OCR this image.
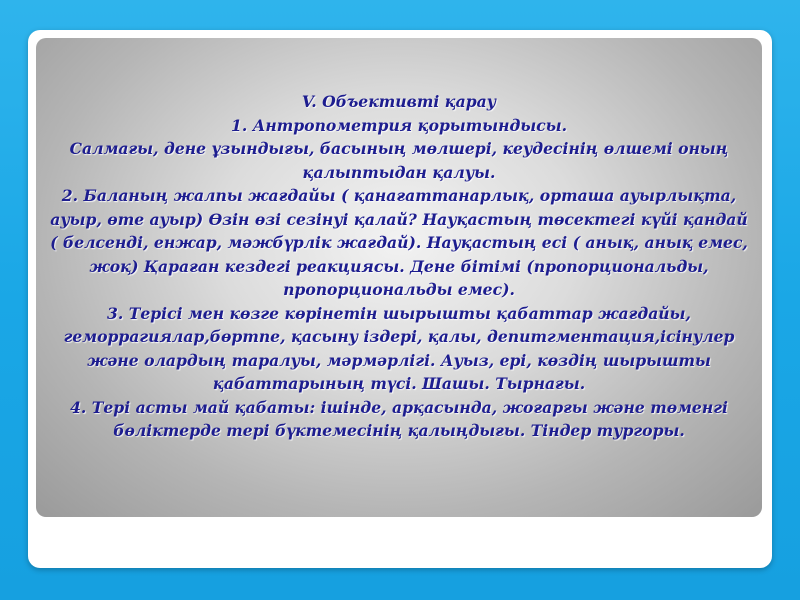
V. Объективті қарау

1. Антропометрия қорытындысы.

Салмағы, дене ұзындығы, басының мөлшері, кеудесінің өлшемі оның қалыптыдан қалуы.

2. Баланың жалпы жағдайы ( қанағаттанарлық, орташа ауырлықта, ауыр, өте ауыр) Өзін өзі сезінуі қалай? Науқастың төсектегі күйі қандай ( белсенді, енжар, мәжбүрлік жағдай). Науқастың есі ( анық, анық емес, жоқ) Қараған кездегі реакциясы. Дене бітімі (пропорциональды, пропорциональды емес).

3. Терісі мен көзге көрінетін шырышты қабаттар жағдайы, геморрагиялар,бөртпе, қасыну іздері, қалы, депитгментация,ісінулер және олардың таралуы, мәрмәрлігі. Ауыз, ері, көздің шырышты қабаттарының түсі. Шашы. Тырнағы.

4. Тері асты май қабаты: ішінде, арқасында, жоғарғы және төменгі бөліктерде тері бүктемесінің қалыңдығы. Тіндер тургоры.
